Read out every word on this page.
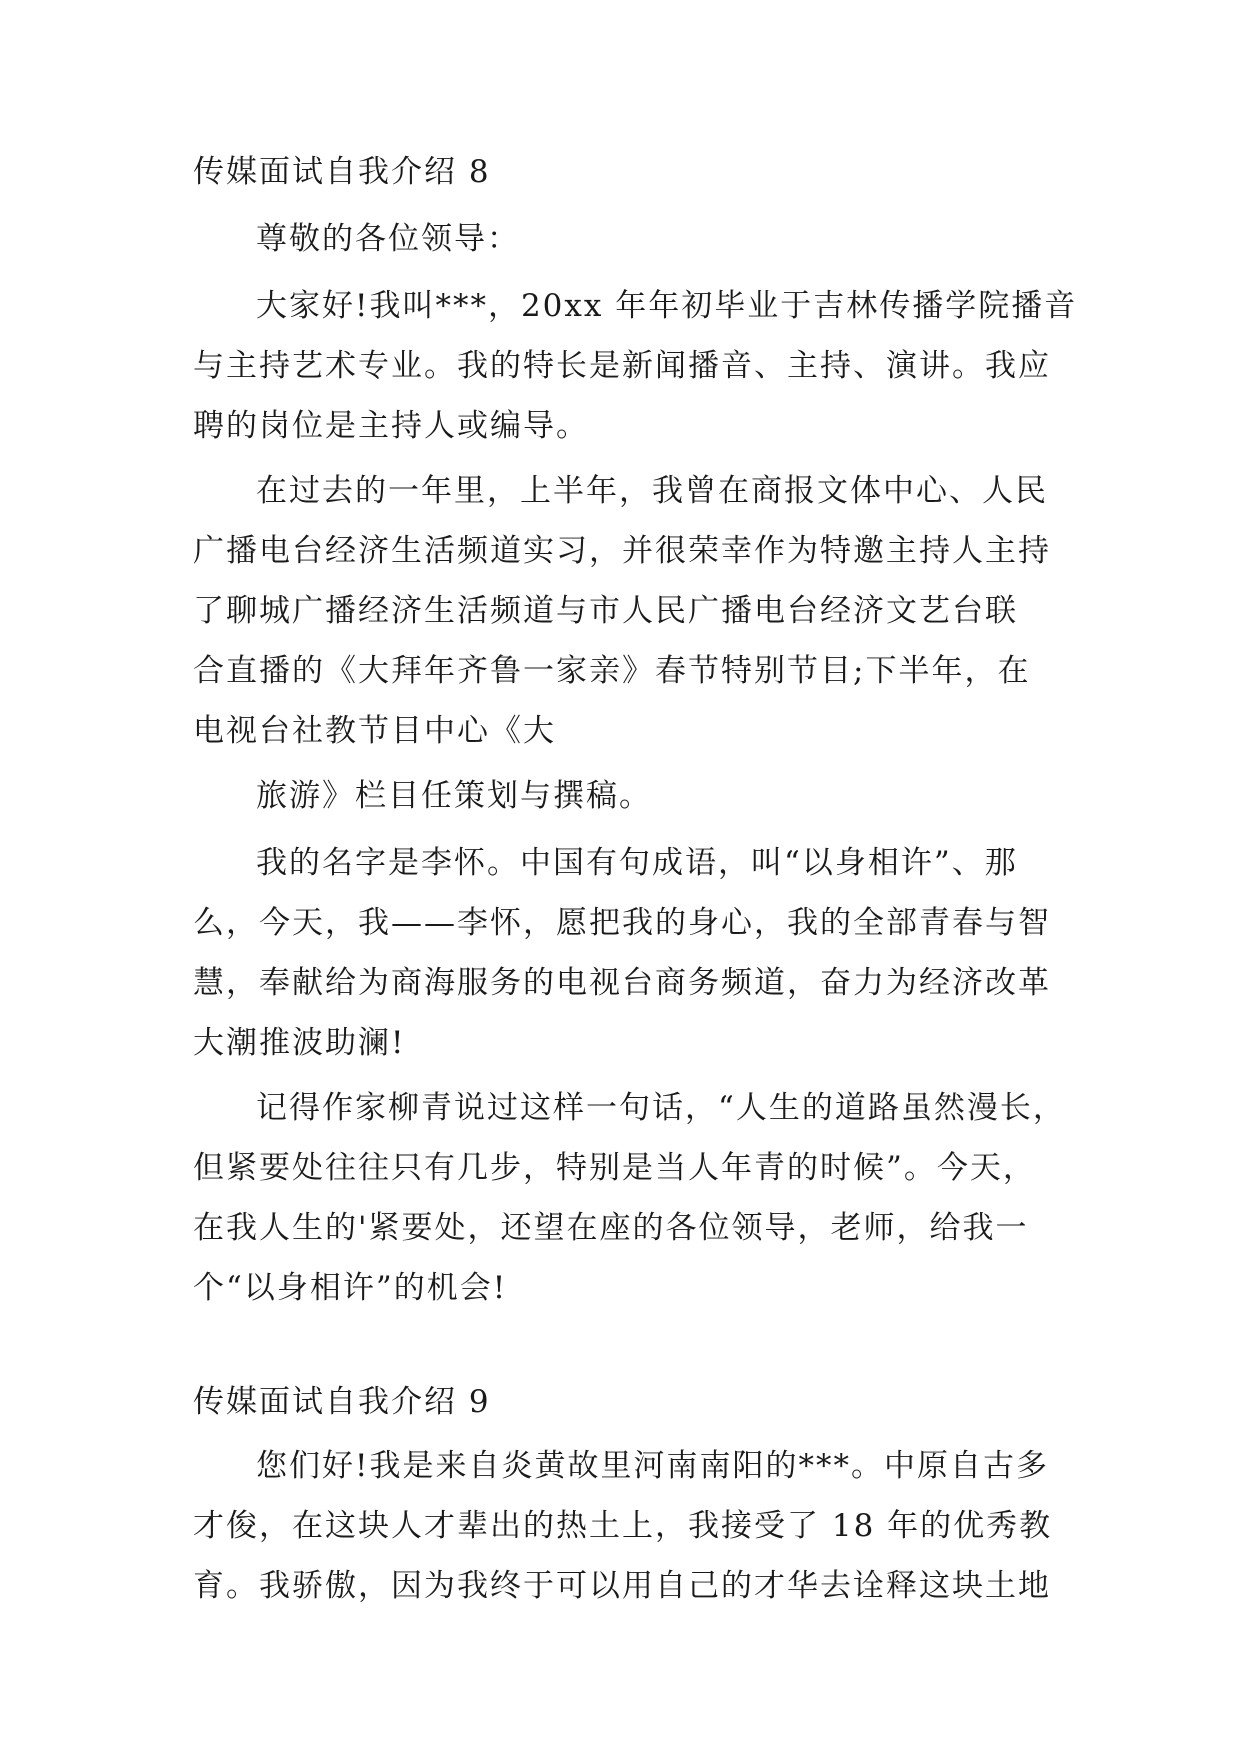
传媒面试自我介绍 8
尊敬的各位领导：
大家好!我叫***，20xx 年年初毕业于吉林传播学院播音
与主持艺术专业。我的特长是新闻播音、主持、演讲。我应
聘的岗位是主持人或编导。
在过去的一年里，上半年，我曾在商报文体中心、人民
广播电台经济生活频道实习，并很荣幸作为特邀主持人主持
了聊城广播经济生活频道与市人民广播电台经济文艺台联
合直播的《大拜年齐鲁一家亲》春节特别节目;下半年，在
电视台社教节目中心《大
旅游》栏目任策划与撰稿。
我的名字是李怀。中国有句成语，叫“以身相许”、那
么，今天，我——李怀，愿把我的身心，我的全部青春与智
慧，奉献给为商海服务的电视台商务频道，奋力为经济改革
大潮推波助澜!
记得作家柳青说过这样一句话，“人生的道路虽然漫长，
但紧要处往往只有几步，特别是当人年青的时候”。今天，
在我人生的'紧要处，还望在座的各位领导，老师，给我一
个“以身相许”的机会!
传媒面试自我介绍 9
您们好!我是来自炎黄故里河南南阳的***。中原自古多
才俊，在这块人才辈出的热土上，我接受了 18 年的优秀教
育。我骄傲，因为我终于可以用自己的才华去诠释这块土地
